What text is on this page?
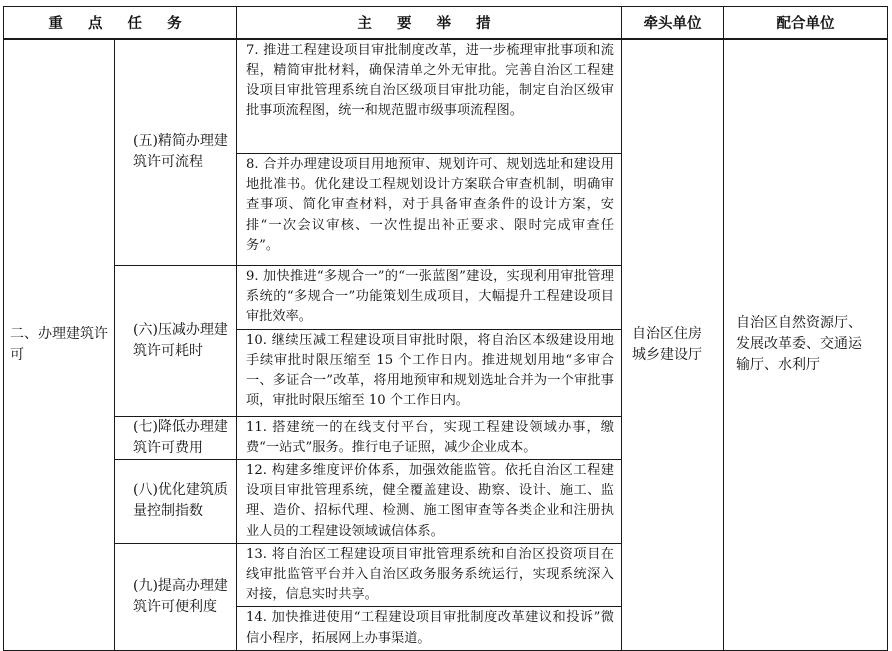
重 点 任 务		主 要 举 措	牵头单位	配合单位
二、办理建筑许可	(五)精简办理建筑许可流程	7. 推进工程建设项目审批制度改革，进一步梳理审批事项和流程，精简审批材料，确保清单之外无审批。完善自治区工程建设项目审批管理系统自治区级项目审批功能，制定自治区级审批事项流程图，统一和规范盟市级事项流程图。	自治区住房城乡建设厅	自治区自然资源厅、发展改革委、交通运输厅、水利厅
		8. 合并办理建设项目用地预审、规划许可、规划选址和建设用地批准书。优化建设工程规划设计方案联合审查机制，明确审查事项、简化审查材料，对于具备审查条件的设计方案，安排“一次会议审核、一次性提出补正要求、限时完成审查任务”。		
	(六)压减办理建筑许可耗时	9. 加快推进“多规合一”的“一张蓝图”建设，实现利用审批管理系统的“多规合一”功能策划生成项目，大幅提升工程建设项目审批效率。		
		10. 继续压减工程建设项目审批时限，将自治区本级建设用地手续审批时限压缩至 15 个工作日内。推进规划用地“多审合一、多证合一”改革，将用地预审和规划选址合并为一个审批事项，审批时限压缩至 10 个工作日内。		
	(七)降低办理建筑许可费用	11. 搭建统一的在线支付平台，实现工程建设领域办事，缴费“一站式”服务。推行电子证照，减少企业成本。		
	(八)优化建筑质量控制指数	12. 构建多维度评价体系，加强效能监管。依托自治区工程建设项目审批管理系统，健全覆盖建设、勘察、设计、施工、监理、造价、招标代理、检测、施工图审查等各类企业和注册执业人员的工程建设领域诚信体系。		
	(九)提高办理建筑许可便利度	13. 将自治区工程建设项目审批管理系统和自治区投资项目在线审批监管平台并入自治区政务服务系统运行，实现系统深入对接，信息实时共享。		
		14. 加快推进使用“工程建设项目审批制度改革建议和投诉”微信小程序，拓展网上办事渠道。		
